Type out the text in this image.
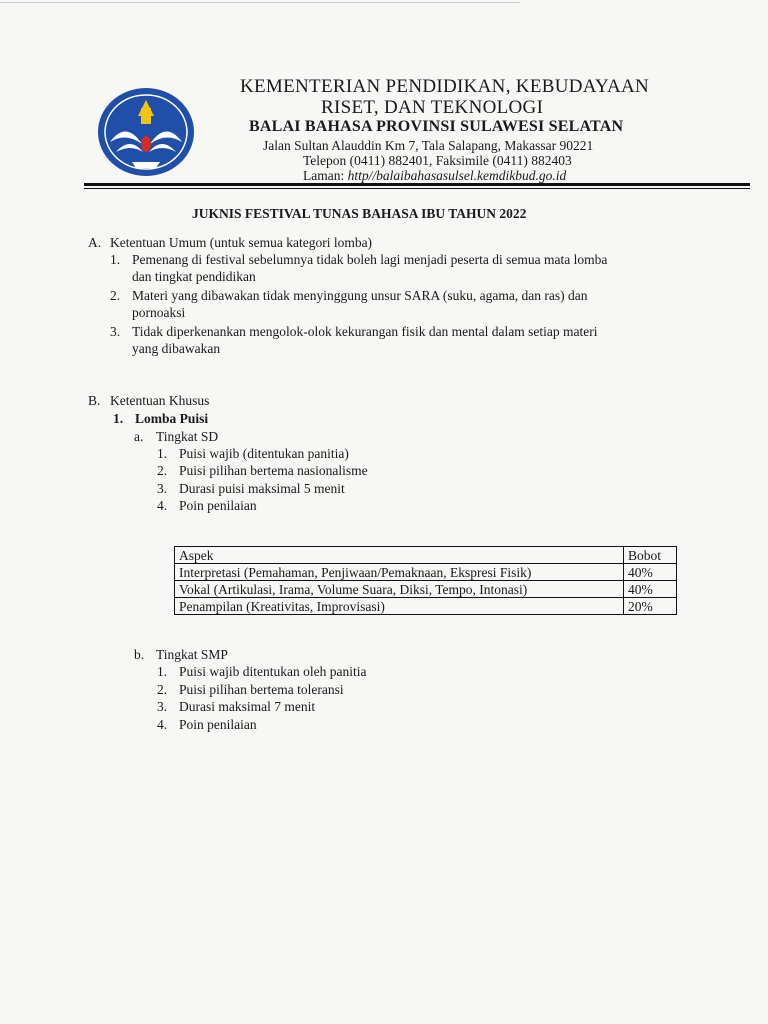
KEMENTERIAN PENDIDIKAN, KEBUDAYAAN
RISET, DAN TEKNOLOGI
BALAI BAHASA PROVINSI SULAWESI SELATAN
Jalan Sultan Alauddin Km 7, Tala Salapang, Makassar 90221
Telepon (0411) 882401, Faksimile (0411) 882403
Laman: http//balaibahasasulsel.kemdikbud.go.id
JUKNIS FESTIVAL TUNAS BAHASA IBU TAHUN 2022
A. Ketentuan Umum (untuk semua kategori lomba)
1. Pemenang di festival sebelumnya tidak boleh lagi menjadi peserta di semua mata lomba
dan tingkat pendidikan
2. Materi yang dibawakan tidak menyinggung unsur SARA (suku, agama, dan ras) dan
pornoaksi
3. Tidak diperkenankan mengolok-olok kekurangan fisik dan mental dalam setiap materi
yang dibawakan
B. Ketentuan Khusus
1. Lomba Puisi
a. Tingkat SD
1. Puisi wajib (ditentukan panitia)
2. Puisi pilihan bertema nasionalisme
3. Durasi puisi maksimal 5 menit
4. Poin penilaian
Aspek	Bobot
Interpretasi (Pemahaman, Penjiwaan/Pemaknaan, Ekspresi Fisik)	40%
Vokal (Artikulasi, Irama, Volume Suara, Diksi, Tempo, Intonasi)	40%
Penampilan (Kreativitas, Improvisasi)	20%
b. Tingkat SMP
1. Puisi wajib ditentukan oleh panitia
2. Puisi pilihan bertema toleransi
3. Durasi maksimal 7 menit
4. Poin penilaian
